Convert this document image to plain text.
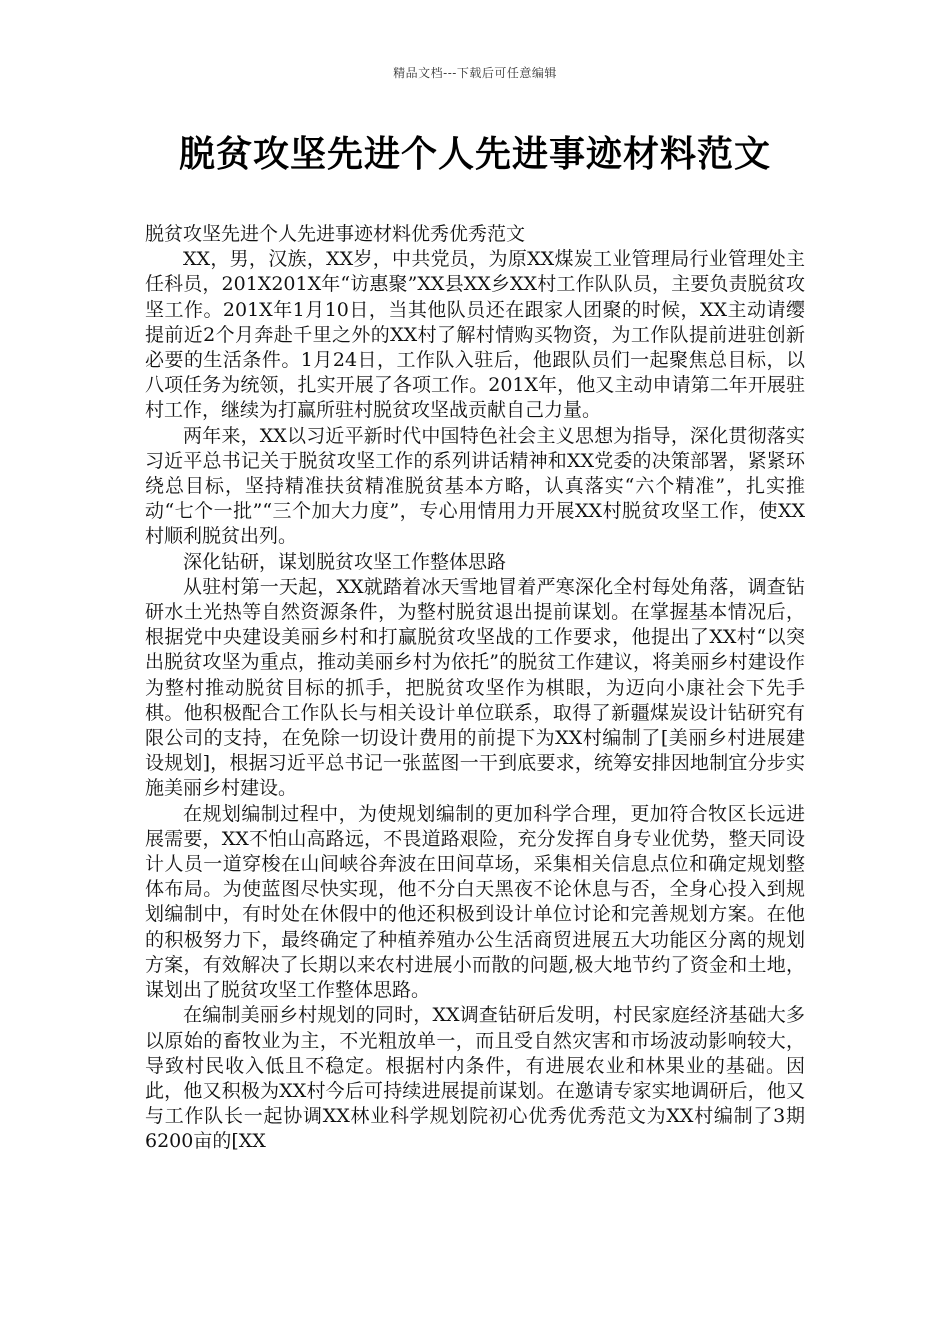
精品文档---下载后可任意编辑
脱贫攻坚先进个人先进事迹材料范文

脱贫攻坚先进个人先进事迹材料优秀优秀范文

XX，男，汉族，XX岁，中共党员，为原XX煤炭工业管理局行业管理处主任科员，201X201X年“访惠聚”XX县XX乡XX村工作队队员，主要负责脱贫攻坚工作。201X年1月10日，当其他队员还在跟家人团聚的时候，XX主动请缨提前近2个月奔赴千里之外的XX村了解村情购买物资，为工作队提前进驻创新必要的生活条件。1月24日，工作队入驻后，他跟队员们一起聚焦总目标，以八项任务为统领，扎实开展了各项工作。201X年，他又主动申请第二年开展驻村工作，继续为打赢所驻村脱贫攻坚战贡献自己力量。

两年来，XX以习近平新时代中国特色社会主义思想为指导，深化贯彻落实习近平总书记关于脱贫攻坚工作的系列讲话精神和XX党委的决策部署，紧紧环绕总目标，坚持精准扶贫精准脱贫基本方略，认真落实“六个精准”，扎实推动“七个一批”“三个加大力度”，专心用情用力开展XX村脱贫攻坚工作，使XX村顺利脱贫出列。

深化钻研，谋划脱贫攻坚工作整体思路

从驻村第一天起，XX就踏着冰天雪地冒着严寒深化全村每处角落，调查钻研水土光热等自然资源条件，为整村脱贫退出提前谋划。在掌握基本情况后，根据党中央建设美丽乡村和打赢脱贫攻坚战的工作要求，他提出了XX村“以突出脱贫攻坚为重点，推动美丽乡村为依托”的脱贫工作建议，将美丽乡村建设作为整村推动脱贫目标的抓手，把脱贫攻坚作为棋眼，为迈向小康社会下先手棋。他积极配合工作队长与相关设计单位联系，取得了新疆煤炭设计钻研究有限公司的支持，在免除一切设计费用的前提下为XX村编制了[美丽乡村进展建设规划]，根据习近平总书记一张蓝图一干到底要求，统筹安排因地制宜分步实施美丽乡村建设。

在规划编制过程中，为使规划编制的更加科学合理，更加符合牧区长远进展需要，XX不怕山高路远，不畏道路艰险，充分发挥自身专业优势，整天同设计人员一道穿梭在山间峡谷奔波在田间草场，采集相关信息点位和确定规划整体布局。为使蓝图尽快实现，他不分白天黑夜不论休息与否，全身心投入到规划编制中，有时处在休假中的他还积极到设计单位讨论和完善规划方案。在他的积极努力下，最终确定了种植养殖办公生活商贸进展五大功能区分离的规划方案，有效解决了长期以来农村进展小而散的问题,极大地节约了资金和土地，谋划出了脱贫攻坚工作整体思路。

在编制美丽乡村规划的同时，XX调查钻研后发明，村民家庭经济基础大多以原始的畜牧业为主，不光粗放单一，而且受自然灾害和市场波动影响较大，导致村民收入低且不稳定。根据村内条件，有进展农业和林果业的基础。因此，他又积极为XX村今后可持续进展提前谋划。在邀请专家实地调研后，他又与工作队长一起协调XX林业科学规划院初心优秀优秀范文为XX村编制了3期6200亩的[XX
